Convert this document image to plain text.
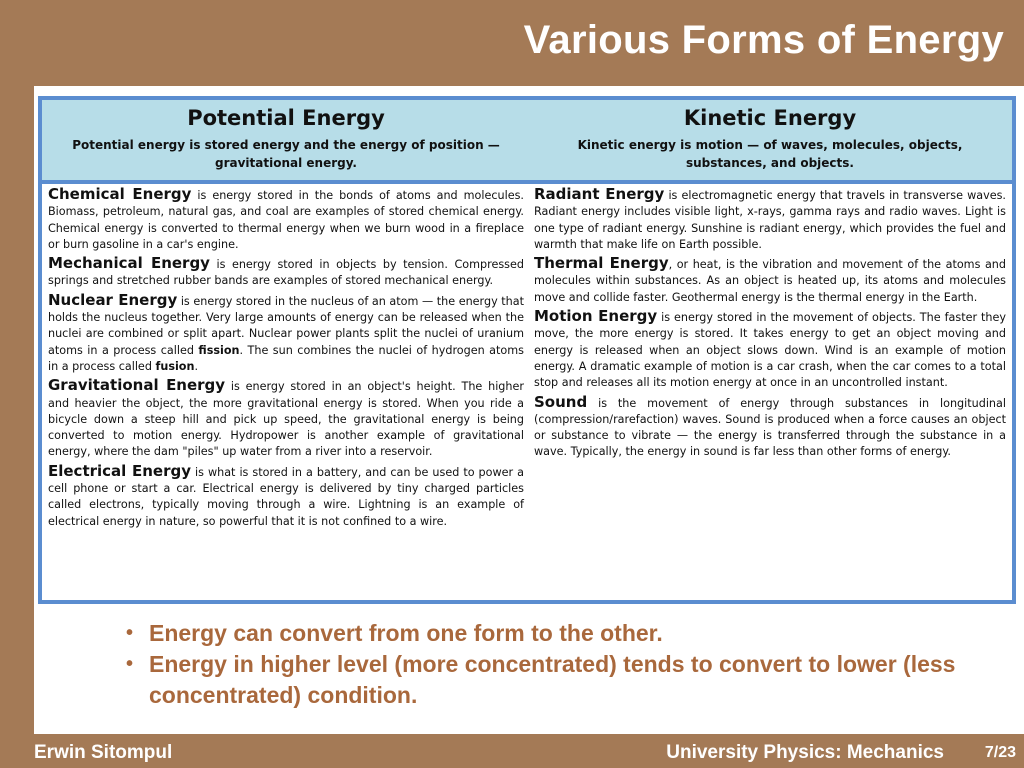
Various Forms of Energy
Potential Energy
Potential energy is stored energy and the energy of position — gravitational energy.

Chemical Energy is energy stored in the bonds of atoms and molecules. Biomass, petroleum, natural gas, and coal are examples of stored chemical energy. Chemical energy is converted to thermal energy when we burn wood in a fireplace or burn gasoline in a car's engine.

Mechanical Energy is energy stored in objects by tension. Compressed springs and stretched rubber bands are examples of stored mechanical energy.

Nuclear Energy is energy stored in the nucleus of an atom — the energy that holds the nucleus together. Very large amounts of energy can be released when the nuclei are combined or split apart. Nuclear power plants split the nuclei of uranium atoms in a process called fission. The sun combines the nuclei of hydrogen atoms in a process called fusion.

Gravitational Energy is energy stored in an object's height. The higher and heavier the object, the more gravitational energy is stored. When you ride a bicycle down a steep hill and pick up speed, the gravitational energy is being converted to motion energy. Hydropower is another example of gravitational energy, where the dam "piles" up water from a river into a reservoir.

Electrical Energy is what is stored in a battery, and can be used to power a cell phone or start a car. Electrical energy is delivered by tiny charged particles called electrons, typically moving through a wire. Lightning is an example of electrical energy in nature, so powerful that it is not confined to a wire.

Kinetic Energy
Kinetic energy is motion — of waves, molecules, objects, substances, and objects.

Radiant Energy is electromagnetic energy that travels in transverse waves. Radiant energy includes visible light, x-rays, gamma rays and radio waves. Light is one type of radiant energy. Sunshine is radiant energy, which provides the fuel and warmth that make life on Earth possible.

Thermal Energy, or heat, is the vibration and movement of the atoms and molecules within substances. As an object is heated up, its atoms and molecules move and collide faster. Geothermal energy is the thermal energy in the Earth.

Motion Energy is energy stored in the movement of objects. The faster they move, the more energy is stored. It takes energy to get an object moving and energy is released when an object slows down. Wind is an example of motion energy. A dramatic example of motion is a car crash, when the car comes to a total stop and releases all its motion energy at once in an uncontrolled instant.

Sound is the movement of energy through substances in longitudinal (compression/rarefaction) waves. Sound is produced when a force causes an object or substance to vibrate — the energy is transferred through the substance in a wave. Typically, the energy in sound is far less than other forms of energy.

• Energy can convert from one form to the other.
• Energy in higher level (more concentrated) tends to convert to lower (less concentrated) condition.
Erwin Sitompul	University Physics: Mechanics	7/23
